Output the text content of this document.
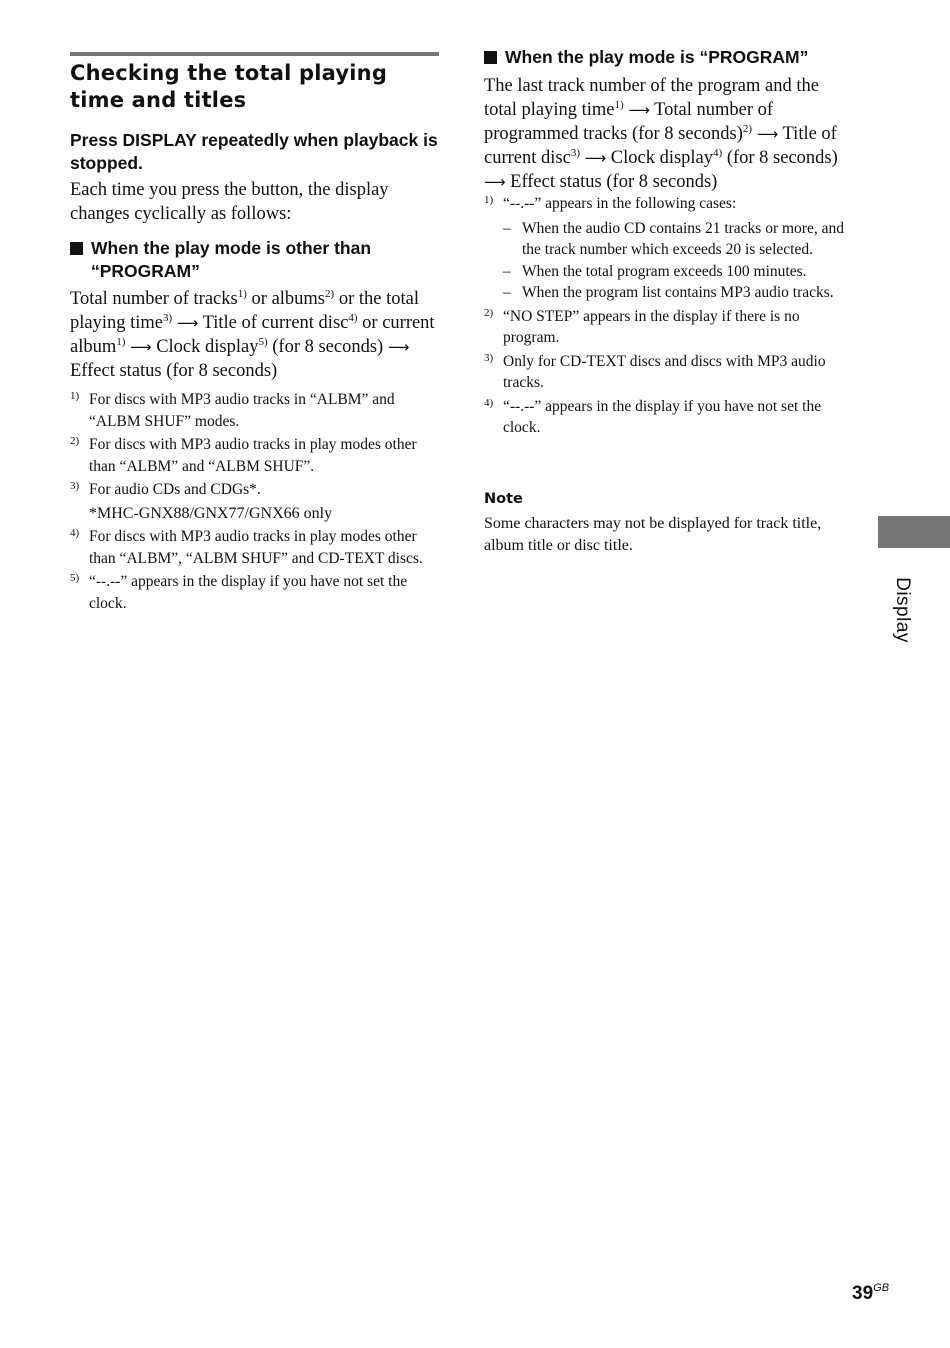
Checking the total playing time and titles

Press DISPLAY repeatedly when playback is stopped.

Each time you press the button, the display changes cyclically as follows:

When the play mode is other than “PROGRAM”

Total number of tracks$^{1)}$ or albums$^{2)}$ or the total playing time$^{3)}$ ⟶ Title of current disc$^{4)}$ or current album$^{1)}$ ⟶ Clock display$^{5)}$ (for 8 seconds) ⟶ Effect status (for 8 seconds)

1) For discs with MP3 audio tracks in “ALBM” and “ALBM SHUF” modes.

2) For discs with MP3 audio tracks in play modes other than “ALBM” and “ALBM SHUF”.

3) For audio CDs and CDGs*.

*MHC-GNX88/GNX77/GNX66 only

4) For discs with MP3 audio tracks in play modes other than “ALBM”, “ALBM SHUF” and CD-TEXT discs.

5) “--.--” appears in the display if you have not set the clock.

When the play mode is “PROGRAM”

The last track number of the program and the total playing time$^{1)}$ ⟶ Total number of programmed tracks (for 8 seconds)$^{2)}$ ⟶ Title of current disc$^{3)}$ ⟶ Clock display$^{4)}$ (for 8 seconds) ⟶ Effect status (for 8 seconds)

1) “--.--” appears in the following cases:

– When the audio CD contains 21 tracks or more, and the track number which exceeds 20 is selected.

– When the total program exceeds 100 minutes.

– When the program list contains MP3 audio tracks.

2) “NO STEP” appears in the display if there is no program.

3) Only for CD-TEXT discs and discs with MP3 audio tracks.

4) “--.--” appears in the display if you have not set the clock.

Note

Some characters may not be displayed for track title, album title or disc title.

Display
$39^{GB}$
